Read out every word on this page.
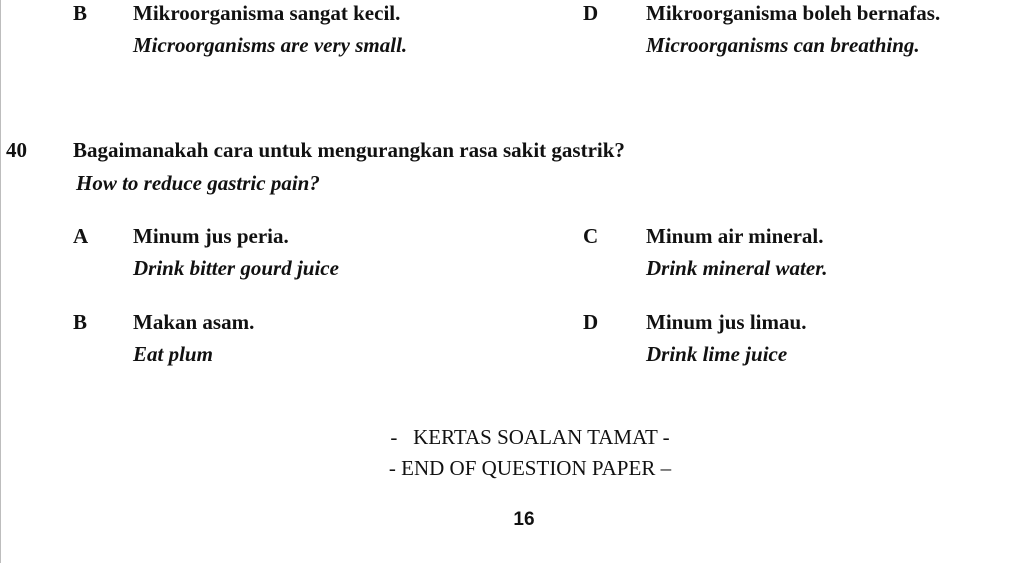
B Mikroorganisma sangat kecil.
Microorganisms are very small.
D Mikroorganisma boleh bernafas.
Microorganisms can breathing.
40 Bagaimanakah cara untuk mengurangkan rasa sakit gastrik?
How to reduce gastric pain?
A Minum jus peria.
Drink bitter gourd juice
C Minum air mineral.
Drink mineral water.
B Makan asam.
Eat plum
D Minum jus limau.
Drink lime juice
-   KERTAS SOALAN TAMAT -
- END OF QUESTION PAPER –
16
